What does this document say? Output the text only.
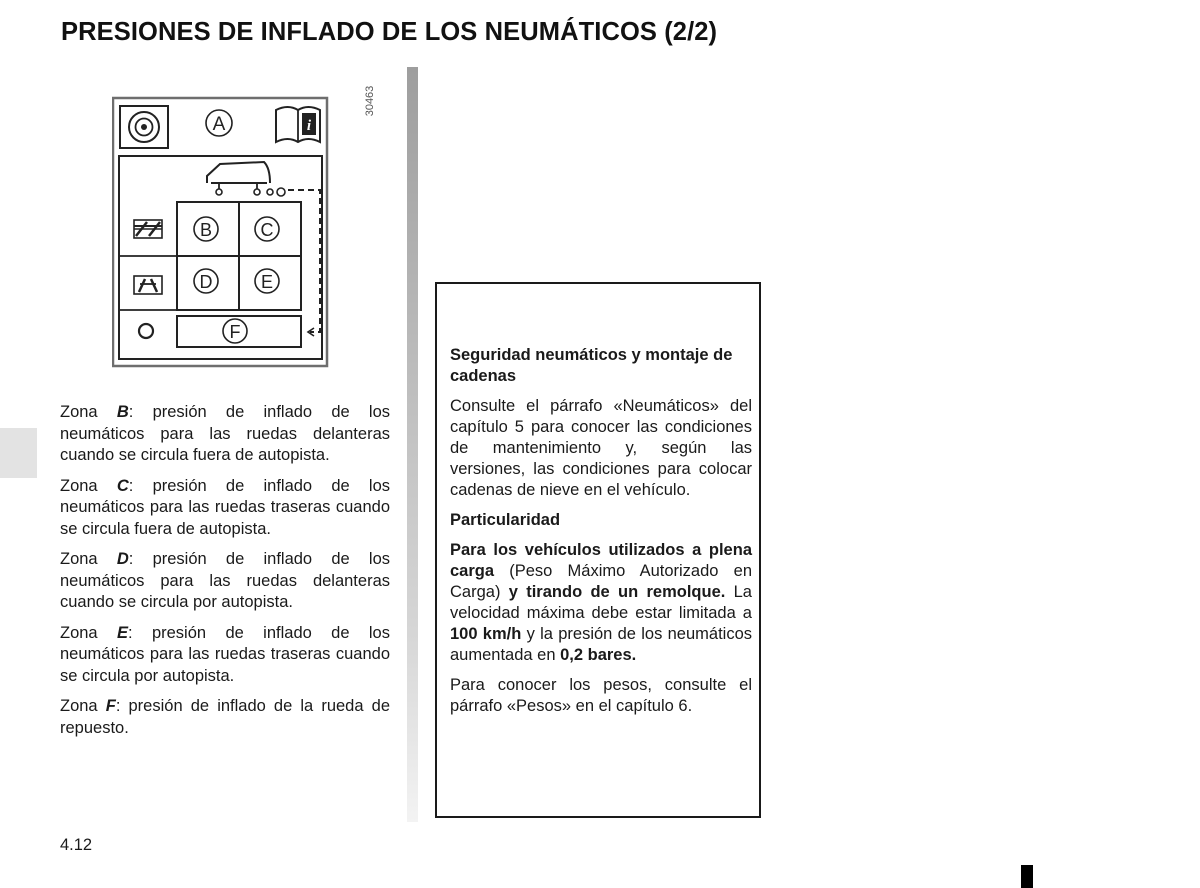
PRESIONES DE INFLADO DE LOS NEUMÁTICOS (2/2)
A	i
B	C
D	E
F
30463

Zona B: presión de inflado de los neumáticos para las ruedas delanteras cuando se circula fuera de autopista.

Zona C: presión de inflado de los neumáticos para las ruedas traseras cuando se circula fuera de autopista.

Zona D: presión de inflado de los neumáticos para las ruedas delanteras cuando se circula por autopista.

Zona E: presión de inflado de los neumáticos para las ruedas traseras cuando se circula por autopista.

Zona F: presión de inflado de la rueda de repuesto.

Seguridad neumáticos y montaje de cadenas

Consulte el párrafo «Neumáticos» del capítulo 5 para conocer las condiciones de mantenimiento y, según las versiones, las condiciones para colocar cadenas de nieve en el vehículo.

Particularidad

Para los vehículos utilizados a plena carga (Peso Máximo Autorizado en Carga) y tirando de un remolque. La velocidad máxima debe estar limitada a 100 km/h y la presión de los neumáticos aumentada en 0,2 bares.

Para conocer los pesos, consulte el párrafo «Pesos» en el capítulo 6.

4.12
